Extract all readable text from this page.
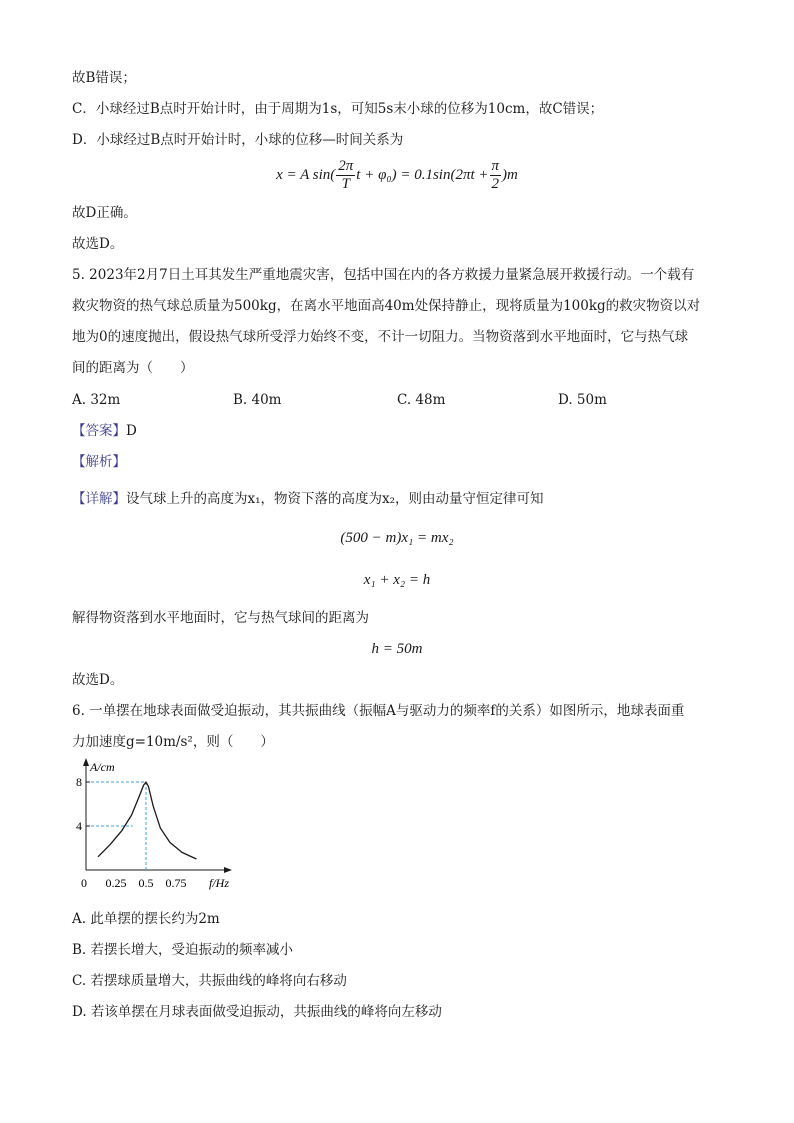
故B错误；
C．小球经过B点时开始计时，由于周期为1s，可知5s末小球的位移为10cm，故C错误；
D．小球经过B点时开始计时，小球的位移—时间关系为
x = A $\sin( \frac{2\pi}{T}$ $t + \varphi_0) = 0.1\sin(2\pi t + \frac{\pi}{2} )m$
故D正确。
故选D。
5. 2023年2月7日土耳其发生严重地震灾害，包括中国在内的各方救援力量紧急展开救援行动。一个载有
救灾物资的热气球总质量为500kg，在离水平地面高40m处保持静止，现将质量为100kg的救灾物资以对
地为0的速度抛出，假设热气球所受浮力始终不变，不计一切阻力。当物资落到水平地面时，它与热气球
间的距离为（　　）
A. 32m	B. 40m	C. 48m	D. 50m
【答案】D
【解析】
【详解】设气球上升的高度为x₁，物资下落的高度为x₂，则由动量守恒定律可知
(500 − m)x₁ = mx₂
x₁ + x₂ = h
解得物资落到水平地面时，它与热气球间的距离为
h = 50m
故选D。
6. 一单摆在地球表面做受迫振动，其共振曲线（振幅A与驱动力的频率f的关系）如图所示，地球表面重
力加速度g=10m/s²，则（　　）
4
8
0 0.25 0.5 0.75
A/cm
f/Hz
A. 此单摆的摆长约为2m
B. 若摆长增大，受迫振动的频率减小
C. 若摆球质量增大，共振曲线的峰将向右移动
D. 若该单摆在月球表面做受迫振动，共振曲线的峰将向左移动
